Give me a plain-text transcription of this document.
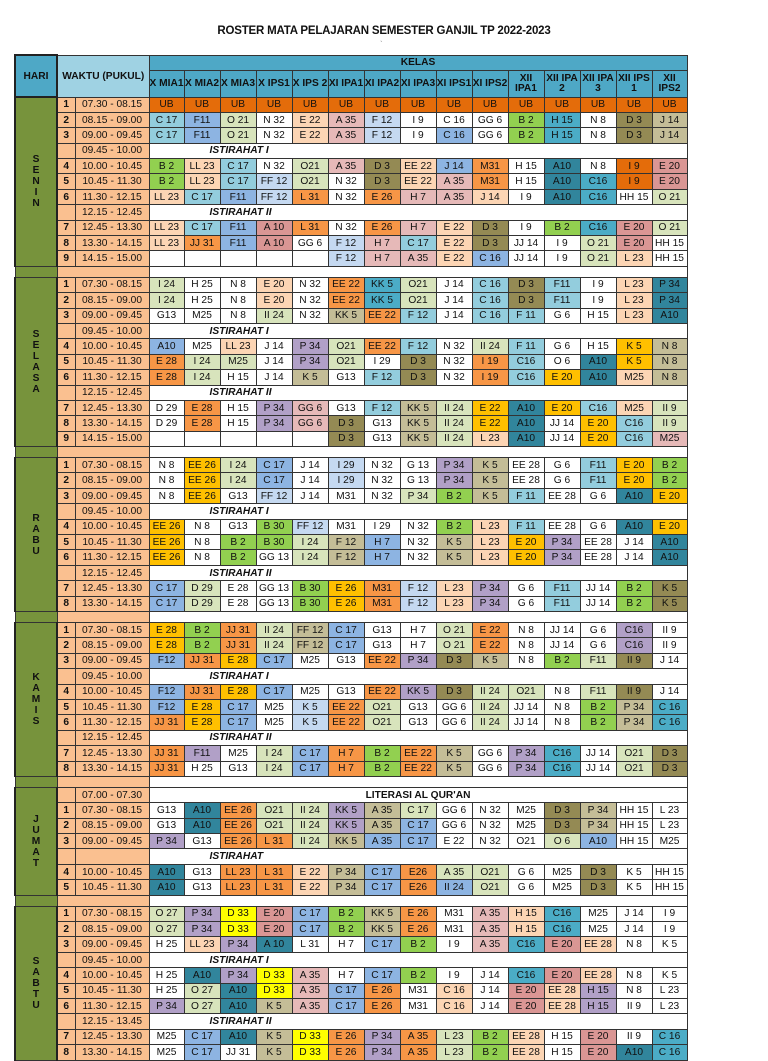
ROSTER MATA PELAJARAN SEMESTER GANJIL TP 2022-2023
`
HARI	WAKTU (PUKUL)		KELAS														
			X MIA1	X MIA2	X MIA3	X IPS1	X IPS 2	XI IPA1	XI IPA2	XI IPA3	XI IPS1	XI IPS2	XII IPA1	XII IPA 2	XII IPA 3	XII IPS 1	XII IPS2

S
E
N
I
N	1	07.30 - 08.15	UB	UB	UB	UB	UB	UB	UB	UB	UB	UB	UB	UB	UB	UB	UB
	2	08.15 - 09.00	C 17	F11	O 21	N 32	E 22	A 35	F 12	I 9	C 16	GG 6	B 2	H 15	N 8	D 3	J 14
	3	09.00 - 09.45	C 17	F11	O 21	N 32	E 22	A 35	F 12	I 9	C 16	GG 6	B 2	H 15	N 8	D 3	J 14
		09.45 - 10.00	ISTIRAHAT I														
	4	10.00 - 10.45	B 2	LL 23	C 17	N 32	O21	A 35	D 3	EE 22	J 14	M31	H 15	A10	N 8	I 9	E 20
	5	10.45 - 11.30	B 2	LL 23	C 17	FF 12	O21	N 32	D 3	EE 22	A 35	M31	H 15	A10	C16	I 9	E 20
	6	11.30 - 12.15	LL 23	C 17	F11	FF 12	L 31	N 32	E 26	H 7	A 35	J 14	I 9	A10	C16	HH 15	O 21
		12.15 - 12.45	ISTIRAHAT II														
	7	12.45 - 13.30	LL 23	C 17	F11	A 10	L 31	N 32	E 26	H 7	E 22	D 3	I 9	B 2	C16	E 20	O 21
	8	13.30 - 14.15	LL 23	JJ 31	F11	A 10	GG 6	F 12	H 7	C 17	E 22	D 3	JJ 14	I 9	O 21	E 20	HH 15
	9	14.15 - 15.00						F 12	H 7	A 35	E 22	C 16	JJ 14	I 9	O 21	L 23	HH 15

S
E
L
A
S
A
	1	07.30 - 08.15	I 24	H 25	N 8	E 20	N 32	EE 22	KK 5	O21	J 14	C 16	D 3	F11	I 9	L 23	P 34
	2	08.15 - 09.00	I 24	H 25	N 8	E 20	N 32	EE 22	KK 5	O21	J 14	C 16	D 3	F11	I 9	L 23	P 34
	3	09.00 - 09.45	G13	M25	N 8	II 24	N 32	KK 5	EE 22	F 12	J 14	C 16	F 11	G 6	H 15	L 23	A10
		09.45 - 10.00	ISTIRAHAT I														
	4	10.00 - 10.45	A10	M25	LL 23	J 14	P 34	O21	EE 22	F 12	N 32	II 24	F 11	G 6	H 15	K 5	N 8
	5	10.45 - 11.30	E 28	I 24	M25	J 14	P 34	O21	I 29	D 3	N 32	I 19	C16	O 6	A10	K 5	N 8
	6	11.30 - 12.15	E 28	I 24	H 15	J 14	K 5	G13	F 12	D 3	N 32	I 19	C16	E 20	A10	M25	N 8
		12.15 - 12.45	ISTIRAHAT II														
	7	12.45 - 13.30	D 29	E 28	H 15	P 34	GG 6	G13	F 12	KK 5	II 24	E 22	A10	E 20	C16	M25	II 9
	8	13.30 - 14.15	D 29	E 28	H 15	P 34	GG 6	D 3	G13	KK 5	II 24	E 22	A10	JJ 14	E 20	C16	II 9
	9	14.15 - 15.00						D 3	G13	KK 5	II 24	L 23	A10	JJ 14	E 20	C16	M25

R
A
B
U	1	07.30 - 08.15	N 8	EE 26	I 24	C 17	J 14	I 29	N 32	G 13	P 34	K 5	EE 28	G 6	F11	E 20	B 2
	2	08.15 - 09.00	N 8	EE 26	I 24	C 17	J 14	I 29	N 32	G 13	P 34	K 5	EE 28	G 6	F11	E 20	B 2
	3	09.00 - 09.45	N 8	EE 26	G13	FF 12	J 14	M31	N 32	P 34	B 2	K 5	F 11	EE 28	G 6	A10	E 20
		09.45 - 10.00	ISTIRAHAT I														
	4	10.00 - 10.45	EE 26	N 8	G13	B 30	FF 12	M31	I 29	N 32	B 2	L 23	F 11	EE 28	G 6	A10	E 20
	5	10.45 - 11.30	EE 26	N 8	B 2	B 30	I 24	F 12	H 7	N 32	K 5	L 23	E 20	P 34	EE 28	J 14	A10
	6	11.30 - 12.15	EE 26	N 8	B 2	GG 13	I 24	F 12	H 7	N 32	K 5	L 23	E 20	P 34	EE 28	J 14	A10
		12.15 - 12.45	ISTIRAHAT II														
	7	12.45 - 13.30	C 17	D 29	E 28	GG 13	B 30	E 26	M31	F 12	L 23	P 34	G 6	F11	JJ 14	B 2	K 5
	8	13.30 - 14.15	C 17	D 29	E 28	GG 13	B 30	E 26	M31	F 12	L 23	P 34	G 6	F11	JJ 14	B 2	K 5

K
A
M
I
S	1	07.30 - 08.15	E 28	B 2	JJ 31	II 24	FF 12	C 17	G13	H 7	O 21	E 22	N 8	JJ 14	G 6	C16	II 9
	2	08.15 - 09.00	E 28	B 2	JJ 31	II 24	FF 12	C 17	G13	H 7	O 21	E 22	N 8	JJ 14	G 6	C16	II 9
	3	09.00 - 09.45	F12	JJ 31	E 28	C 17	M25	G13	EE 22	P 34	D 3	K 5	N 8	B 2	F11	II 9	J 14
		09.45 - 10.00	ISTIRAHAT I														
	4	10.00 - 10.45	F12	JJ 31	E 28	C 17	M25	G13	EE 22	KK 5	D 3	II 24	O21	N 8	F11	II 9	J 14
	5	10.45 - 11.30	F12	E 28	C 17	M25	K 5	EE 22	O21	G13	GG 6	II 24	JJ 14	N 8	B 2	P 34	C 16
	6	11.30 - 12.15	JJ 31	E 28	C 17	M25	K 5	EE 22	O21	G13	GG 6	II 24	JJ 14	N 8	B 2	P 34	C 16
		12.15 - 12.45	ISTIRAHAT II														
	7	12.45 - 13.30	JJ 31	F11	M25	I 24	C 17	H 7	B 2	EE 22	K 5	GG 6	P 34	C16	JJ 14	O21	D 3
	8	13.30 - 14.15	JJ 31	H 25	G13	I 24	C 17	H 7	B 2	EE 22	K 5	GG 6	P 34	C16	JJ 14	O21	D 3

J
U
M
A
T		07.00 - 07.30	LITERASI AL QUR'AN														
	1	07.30 - 08.15	G13	A10	EE 26	O21	II 24	KK 5	A 35	C 17	GG 6	N 32	M25	D 3	P 34	HH 15	L 23
	2	08.15 - 09.00	G13	A10	EE 26	O21	II 24	KK 5	A 35	C 17	GG 6	N 32	M25	D 3	P 34	HH 15	L 23
	3	09.00 - 09.45	P 34	G13	EE 26	L 31	II 24	KK 5	A 35	C 17	E 22	N 32	O21	O 6	A10	HH 15	M25
			ISTIRAHAT														
	4	10.00 - 10.45	A10	G13	LL 23	L 31	E 22	P 34	C 17	E26	A 35	O21	G 6	M25	D 3	K 5	HH 15
	5	10.45 - 11.30	A10	G13	LL 23	L 31	E 22	P 34	C 17	E26	II 24	O21	G 6	M25	D 3	K 5	HH 15

S
A
B
T
U	1	07.30 - 08.15	O 27	P 34	D 33	E 20	C 17	B 2	KK 5	E 26	M31	A 35	H 15	C16	M25	J 14	I 9
	2	08.15 - 09.00	O 27	P 34	D 33	E 20	C 17	B 2	KK 5	E 26	M31	A 35	H 15	C16	M25	J 14	I 9
	3	09.00 - 09.45	H 25	LL 23	P 34	A 10	L 31	H 7	C 17	B 2	I 9	A 35	C16	E 20	EE 28	N 8	K 5
		09.45 - 10.00	ISTIRAHAT I														
	4	10.00 - 10.45	H 25	A10	P 34	D 33	A 35	H 7	C 17	B 2	I 9	J 14	C16	E 20	EE 28	N 8	K 5
	5	10.45 - 11.30	H 25	O 27	A10	D 33	A 35	C 17	E 26	M31	C 16	J 14	E 20	EE 28	H 15	N 8	L 23
	6	11.30 - 12.15	P 34	O 27	A10	K 5	A 35	C 17	E 26	M31	C 16	J 14	E 20	EE 28	H 15	II 9	L 23
		12.15 - 13.45	ISTIRAHAT II														
	7	12.45 - 13.30	M25	C 17	A10	K 5	D 33	E 26	P 34	A 35	L 23	B 2	EE 28	H 15	E 20	II 9	C 16
	8	13.30 - 14.15	M25	C 17	JJ 31	K 5	D 33	E 26	P 34	A 35	L 23	B 2	EE 28	H 15	E 20	A10	C 16
